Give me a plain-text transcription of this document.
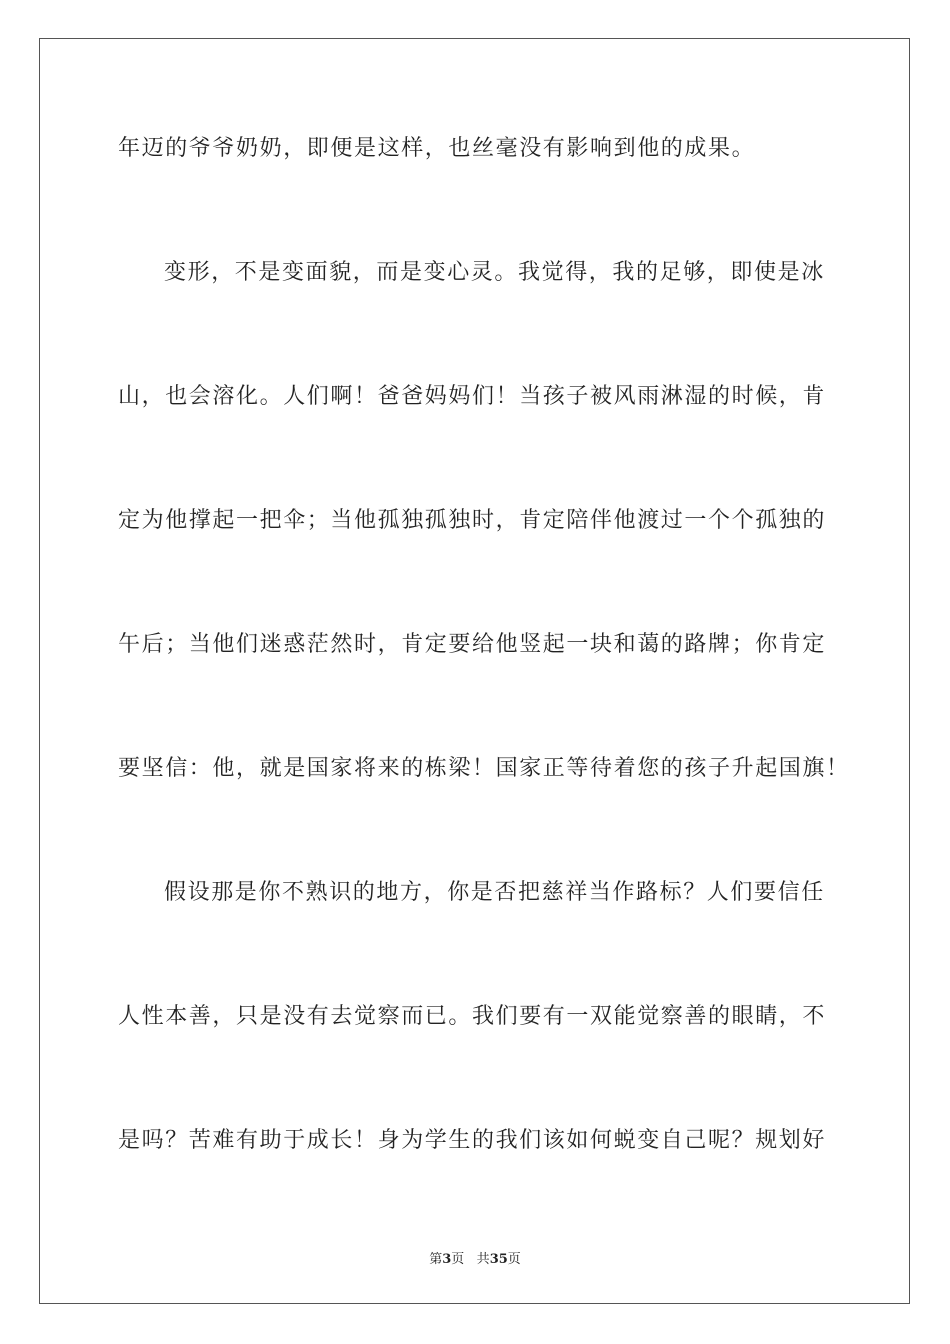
年迈的爷爷奶奶，即便是这样，也丝毫没有影响到他的成果。
变形，不是变面貌，而是变心灵。我觉得，我的足够，即使是冰
山，也会溶化。人们啊！爸爸妈妈们！当孩子被风雨淋湿的时候，肯
定为他撑起一把伞；当他孤独孤独时，肯定陪伴他渡过一个个孤独的
午后；当他们迷惑茫然时，肯定要给他竖起一块和蔼的路牌；你肯定
要坚信：他，就是国家将来的栋梁！国家正等待着您的孩子升起国旗！
假设那是你不熟识的地方，你是否把慈祥当作路标？人们要信任
人性本善，只是没有去觉察而已。我们要有一双能觉察善的眼睛，不
是吗？苦难有助于成长！身为学生的我们该如何蜕变自己呢？规划好
第3页 共35页
